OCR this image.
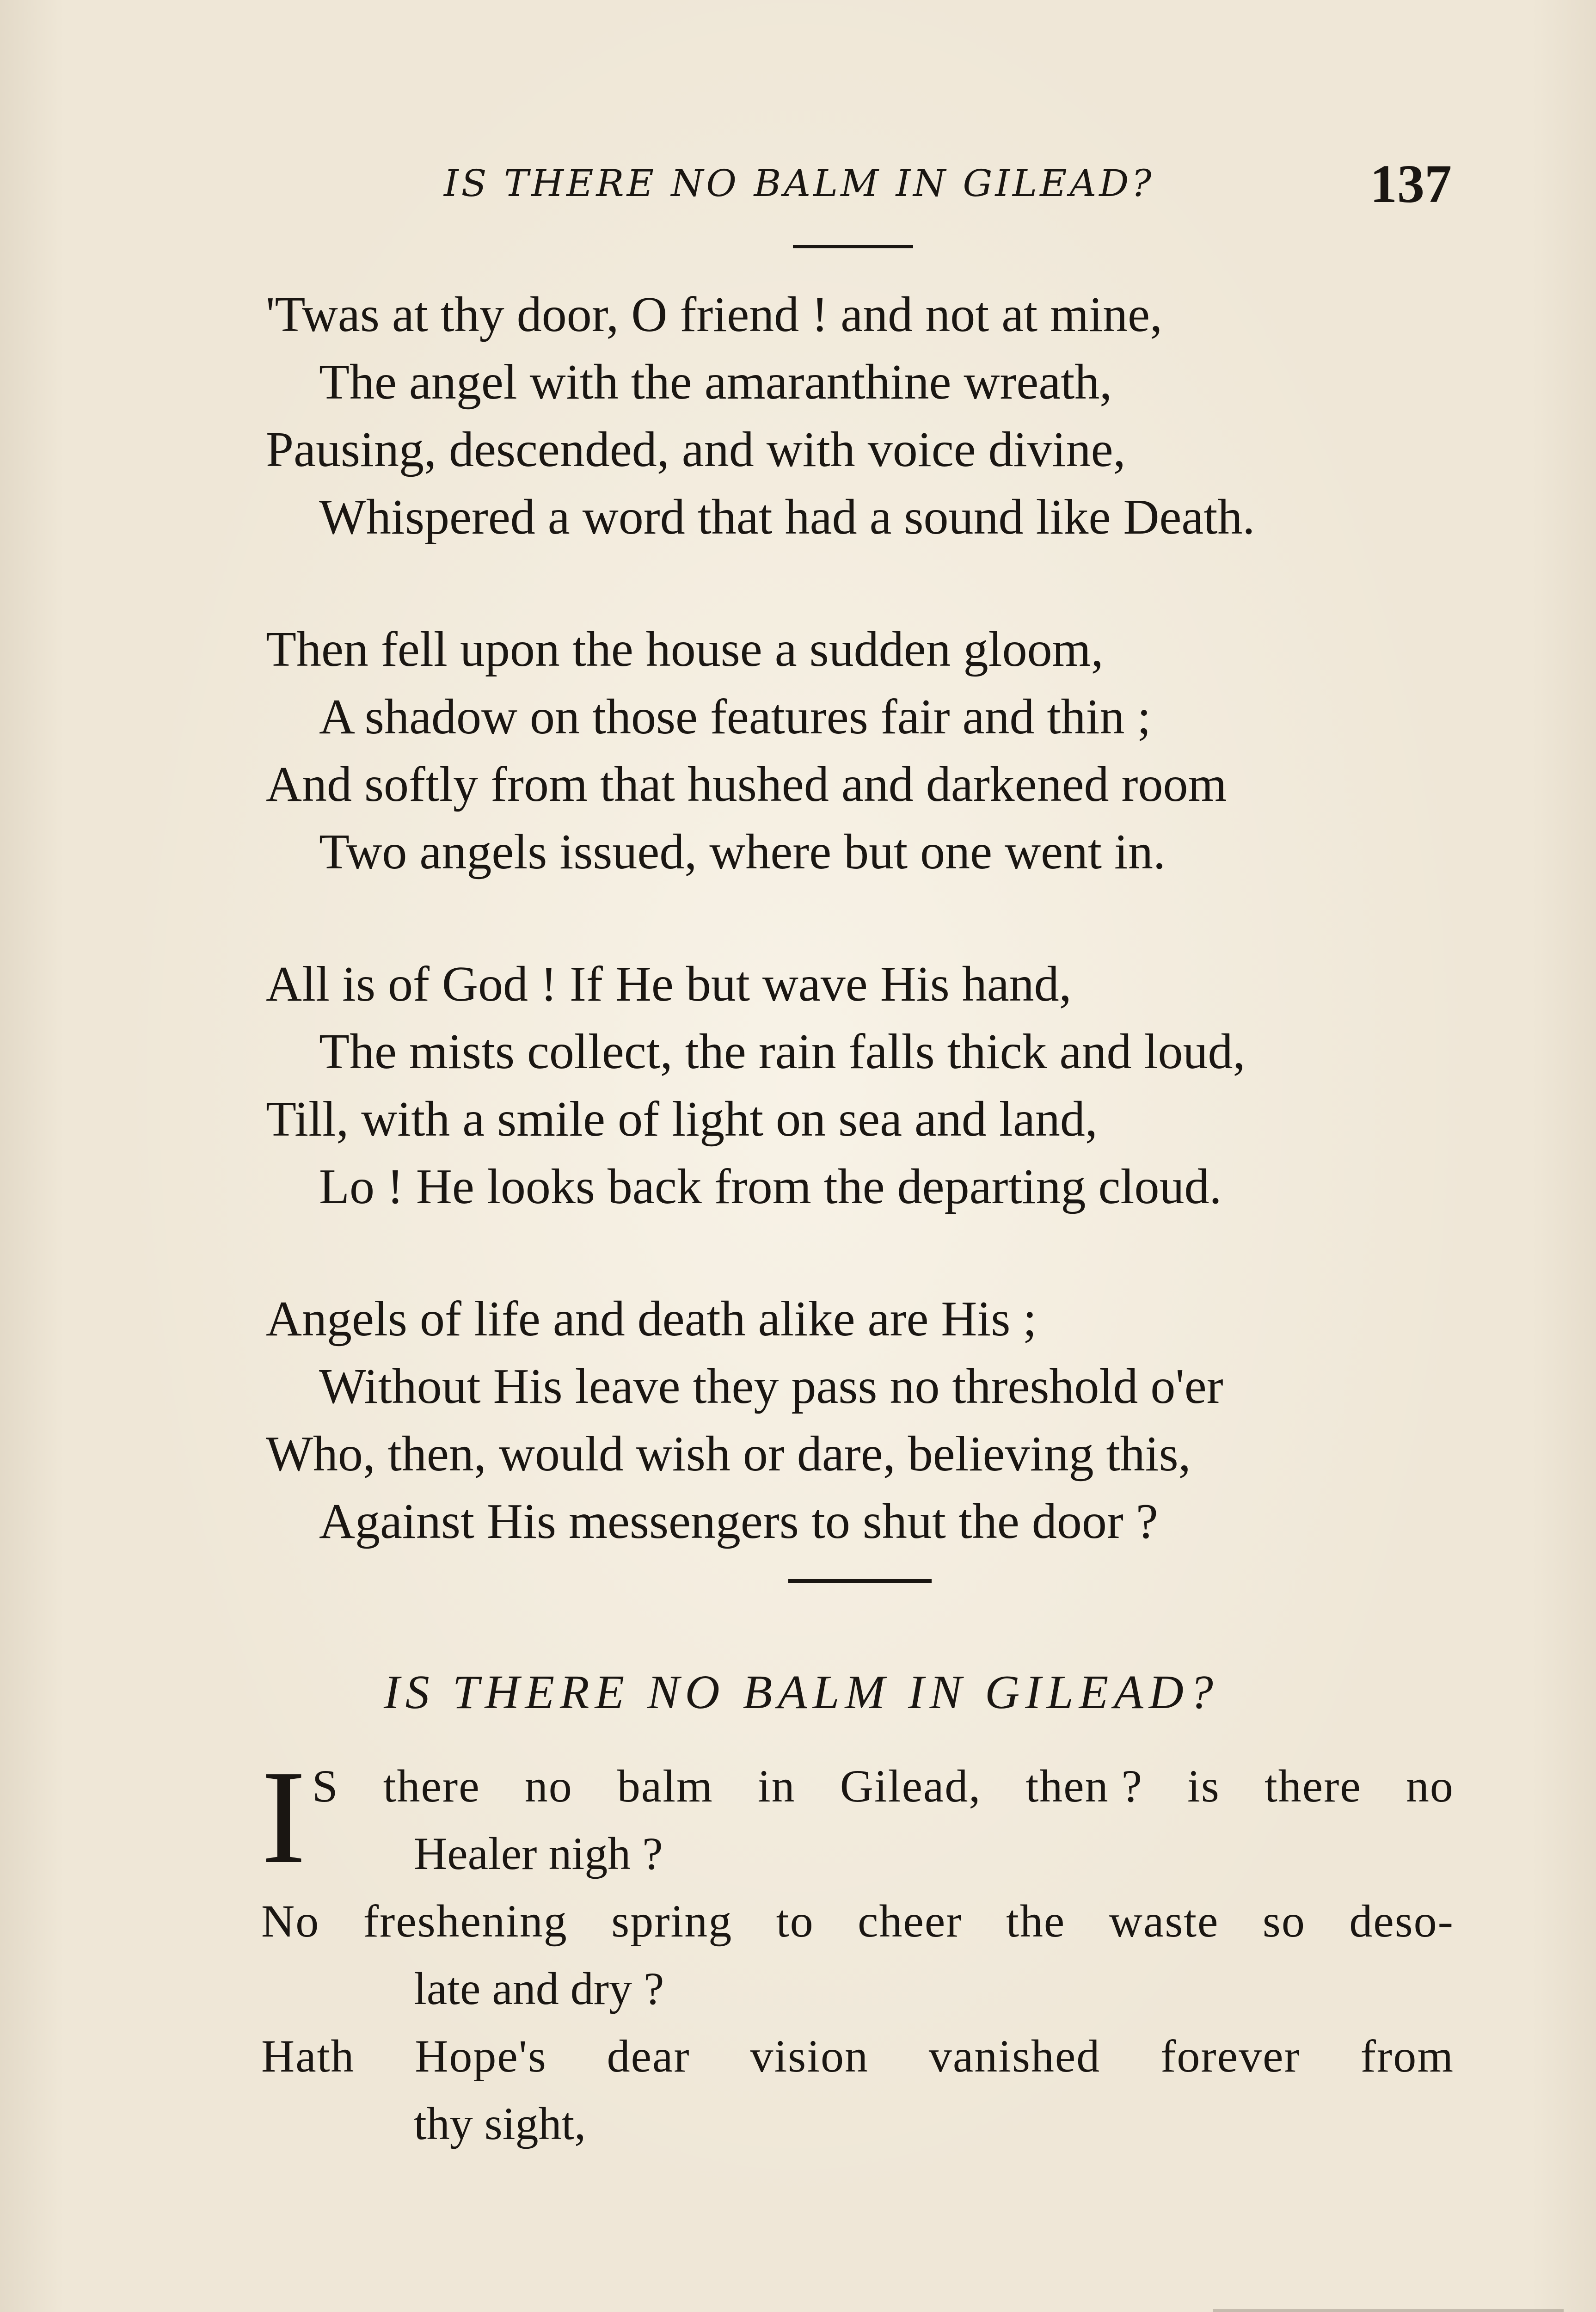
IS THERE NO BALM IN GILEAD?	137
'Twas at thy door, O friend ! and not at mine,
The angel with the amaranthine wreath,
Pausing, descended, and with voice divine,
Whispered a word that had a sound like Death.
Then fell upon the house a sudden gloom,
A shadow on those features fair and thin ;
And softly from that hushed and darkened room
Two angels issued, where but one went in.
All is of God ! If He but wave His hand,
The mists collect, the rain falls thick and loud,
Till, with a smile of light on sea and land,
Lo ! He looks back from the departing cloud.
Angels of life and death alike are His ;
Without His leave they pass no threshold o'er
Who, then, would wish or dare, believing this,
Against His messengers to shut the door ?
IS THERE NO BALM IN GILEAD?
I S there no balm in Gilead, then ? is there no
Healer nigh ?
No freshening spring to cheer the waste so deso-
late and dry ?
Hath Hope's dear vision vanished forever from
thy sight,
